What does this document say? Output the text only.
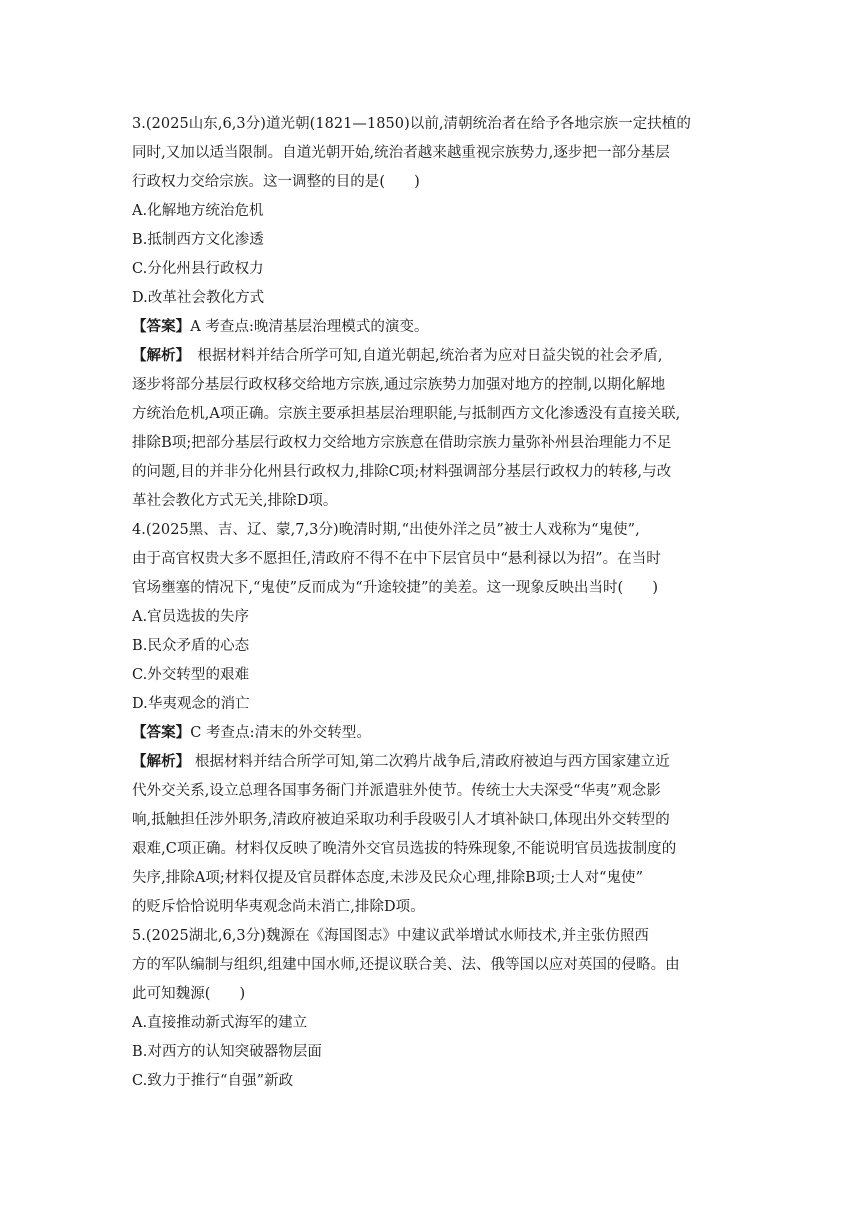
3.(2025山东,6,3分)道光朝(1821—1850)以前,清朝统治者在给予各地宗族一定扶植的
同时,又加以适当限制。自道光朝开始,统治者越来越重视宗族势力,逐步把一部分基层
行政权力交给宗族。这一调整的目的是(　　)
A.化解地方统治危机
B.抵制西方文化渗透
C.分化州县行政权力
D.改革社会教化方式
【答案】A 考查点:晚清基层治理模式的演变。
【解析】　根据材料并结合所学可知,自道光朝起,统治者为应对日益尖锐的社会矛盾,
逐步将部分基层行政权移交给地方宗族,通过宗族势力加强对地方的控制,以期化解地
方统治危机,A项正确。宗族主要承担基层治理职能,与抵制西方文化渗透没有直接关联,
排除B项;把部分基层行政权力交给地方宗族意在借助宗族力量弥补州县治理能力不足
的问题,目的并非分化州县行政权力,排除C项;材料强调部分基层行政权力的转移,与改
革社会教化方式无关,排除D项。
4.(2025黑、吉、辽、蒙,7,3分)晚清时期,“出使外洋之员”被士人戏称为“鬼使”,
由于高官权贵大多不愿担任,清政府不得不在中下层官员中“悬利禄以为招”。在当时
官场壅塞的情况下,“鬼使”反而成为“升途较捷”的美差。这一现象反映出当时(　　)
A.官员选拔的失序
B.民众矛盾的心态
C.外交转型的艰难
D.华夷观念的消亡
【答案】C 考查点:清末的外交转型。
【解析】 根据材料并结合所学可知,第二次鸦片战争后,清政府被迫与西方国家建立近
代外交关系,设立总理各国事务衙门并派遣驻外使节。传统士大夫深受“华夷”观念影
响,抵触担任涉外职务,清政府被迫采取功利手段吸引人才填补缺口,体现出外交转型的
艰难,C项正确。材料仅反映了晚清外交官员选拔的特殊现象,不能说明官员选拔制度的
失序,排除A项;材料仅提及官员群体态度,未涉及民众心理,排除B项;士人对“鬼使”
的贬斥恰恰说明华夷观念尚未消亡,排除D项。
5.(2025湖北,6,3分)魏源在《海国图志》中建议武举增试水师技术,并主张仿照西
方的军队编制与组织,组建中国水师,还提议联合美、法、俄等国以应对英国的侵略。由
此可知魏源(　　)
A.直接推动新式海军的建立
B.对西方的认知突破器物层面
C.致力于推行“自强”新政
